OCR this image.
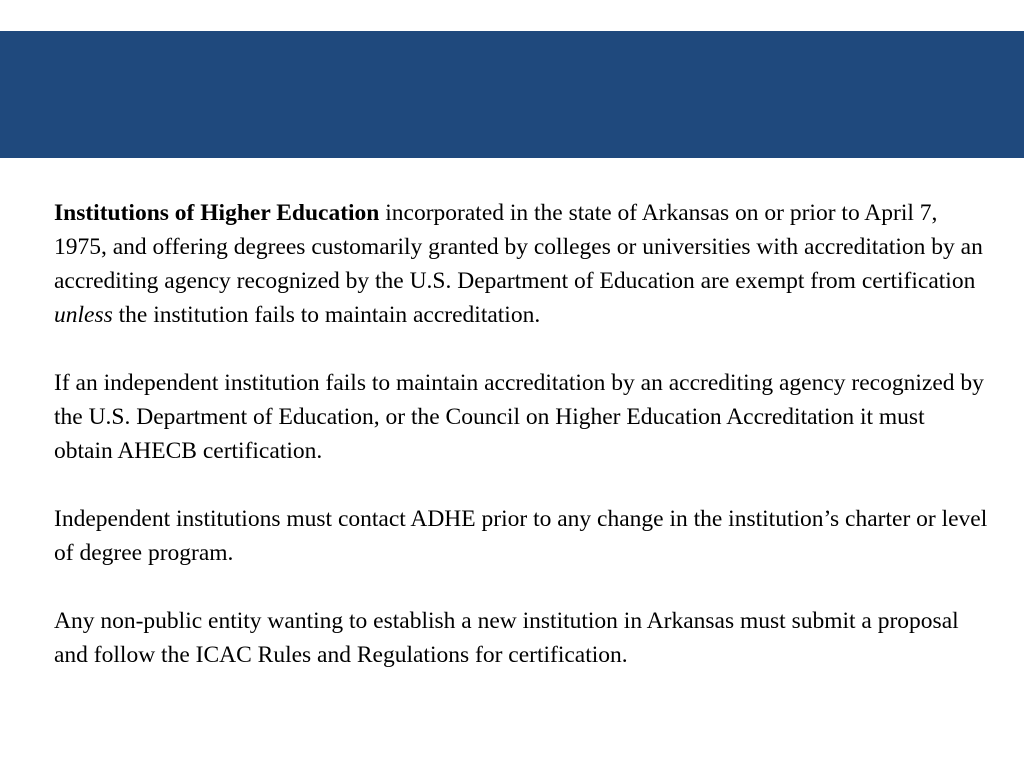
Institutions of Higher Education incorporated in the state of Arkansas on or prior to April 7, 1975, and offering degrees customarily granted by colleges or universities with accreditation by an accrediting agency recognized by the U.S. Department of Education are exempt from certification unless the institution fails to maintain accreditation.

If an independent institution fails to maintain accreditation by an accrediting agency recognized by the U.S. Department of Education, or the Council on Higher Education Accreditation it must obtain AHECB certification.

Independent institutions must contact ADHE prior to any change in the institution’s charter or level of degree program.

Any non-public entity wanting to establish a new institution in Arkansas must submit a proposal and follow the ICAC Rules and Regulations for certification.
